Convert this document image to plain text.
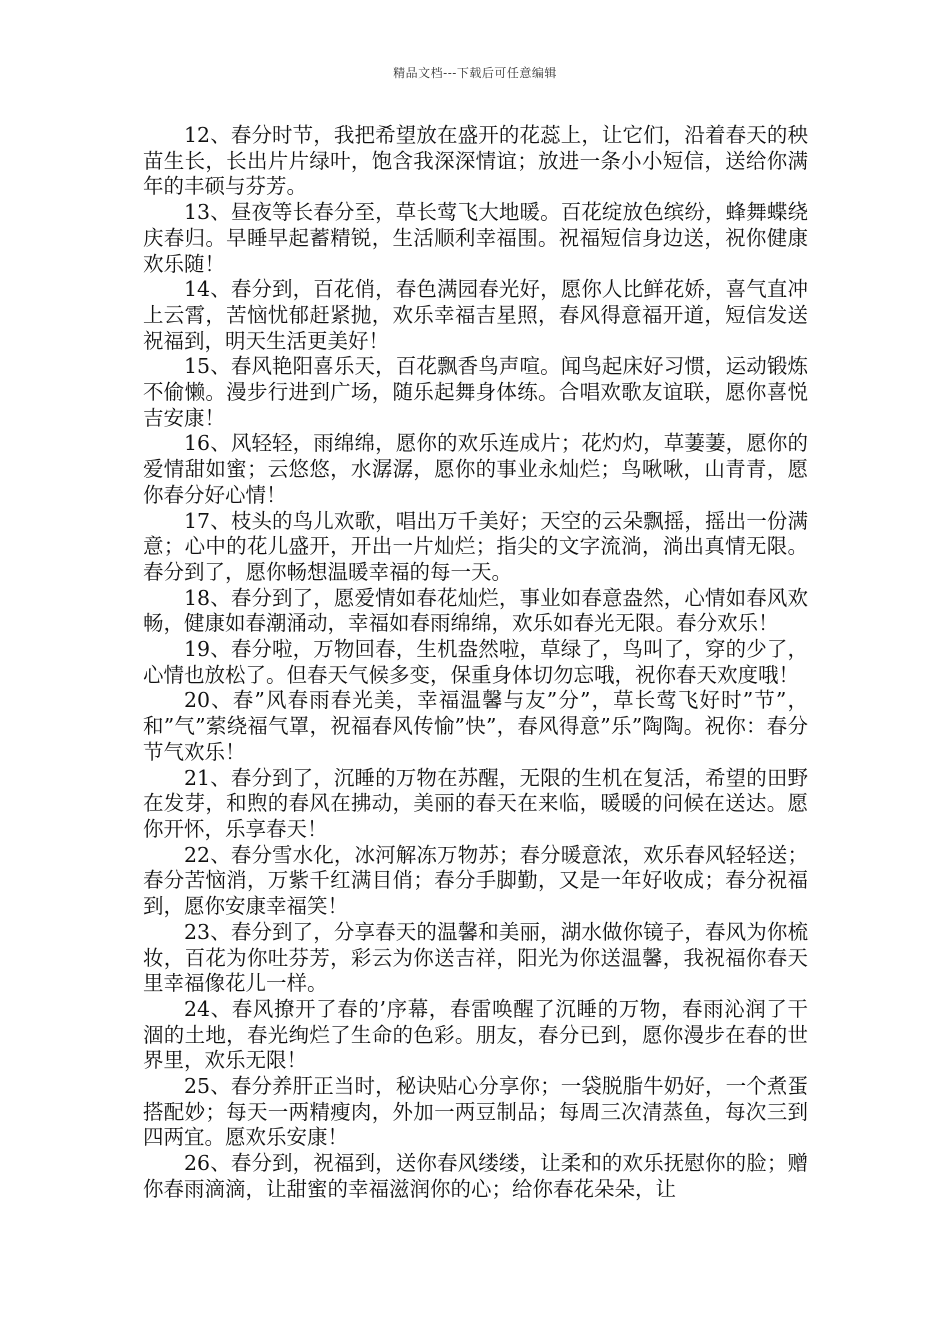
精品文档---下载后可任意编辑

12、春分时节，我把希望放在盛开的花蕊上，让它们，沿着春天的秧苗生长，长出片片绿叶，饱含我深深情谊；放进一条小小短信，送给你满年的丰硕与芬芳。

13、昼夜等长春分至，草长莺飞大地暖。百花绽放色缤纷，蜂舞蝶绕庆春归。早睡早起蓄精锐，生活顺利幸福围。祝福短信身边送，祝你健康欢乐随！

14、春分到，百花俏，春色满园春光好，愿你人比鲜花娇，喜气直冲上云霄，苦恼忧郁赶紧抛，欢乐幸福吉星照，春风得意福开道，短信发送祝福到，明天生活更美好！

15、春风艳阳喜乐天，百花飘香鸟声喧。闻鸟起床好习惯，运动锻炼不偷懒。漫步行进到广场，随乐起舞身体练。合唱欢歌友谊联，愿你喜悦吉安康！

16、风轻轻，雨绵绵，愿你的欢乐连成片；花灼灼，草萋萋，愿你的爱情甜如蜜；云悠悠，水潺潺，愿你的事业永灿烂；鸟啾啾，山青青，愿你春分好心情！

17、枝头的鸟儿欢歌，唱出万千美好；天空的云朵飘摇，摇出一份满意；心中的花儿盛开，开出一片灿烂；指尖的文字流淌，淌出真情无限。春分到了，愿你畅想温暖幸福的每一天。

18、春分到了，愿爱情如春花灿烂，事业如春意盎然，心情如春风欢畅，健康如春潮涌动，幸福如春雨绵绵，欢乐如春光无限。春分欢乐！

19、春分啦，万物回春，生机盎然啦，草绿了，鸟叫了，穿的少了，心情也放松了。但春天气候多变，保重身体切勿忘哦，祝你春天欢度哦！

20、春”风春雨春光美，幸福温馨与友”分”，草长莺飞好时”节”，和”气”萦绕福气罩，祝福春风传愉”快”，春风得意”乐”陶陶。祝你：春分节气欢乐！

21、春分到了，沉睡的万物在苏醒，无限的生机在复活，希望的田野在发芽，和煦的春风在拂动，美丽的春天在来临，暖暖的问候在送达。愿你开怀，乐享春天！

22、春分雪水化，冰河解冻万物苏；春分暖意浓，欢乐春风轻轻送；春分苦恼消，万紫千红满目俏；春分手脚勤，又是一年好收成；春分祝福到，愿你安康幸福笑！

23、春分到了，分享春天的温馨和美丽，湖水做你镜子，春风为你梳妆，百花为你吐芬芳，彩云为你送吉祥，阳光为你送温馨，我祝福你春天里幸福像花儿一样。

24、春风撩开了春的’序幕，春雷唤醒了沉睡的万物，春雨沁润了干涸的土地，春光绚烂了生命的色彩。朋友，春分已到，愿你漫步在春的世界里，欢乐无限！

25、春分养肝正当时，秘诀贴心分享你；一袋脱脂牛奶好，一个煮蛋搭配妙；每天一两精瘦肉，外加一两豆制品；每周三次清蒸鱼，每次三到四两宜。愿欢乐安康！

26、春分到，祝福到，送你春风缕缕，让柔和的欢乐抚慰你的脸；赠你春雨滴滴，让甜蜜的幸福滋润你的心；给你春花朵朵，让
